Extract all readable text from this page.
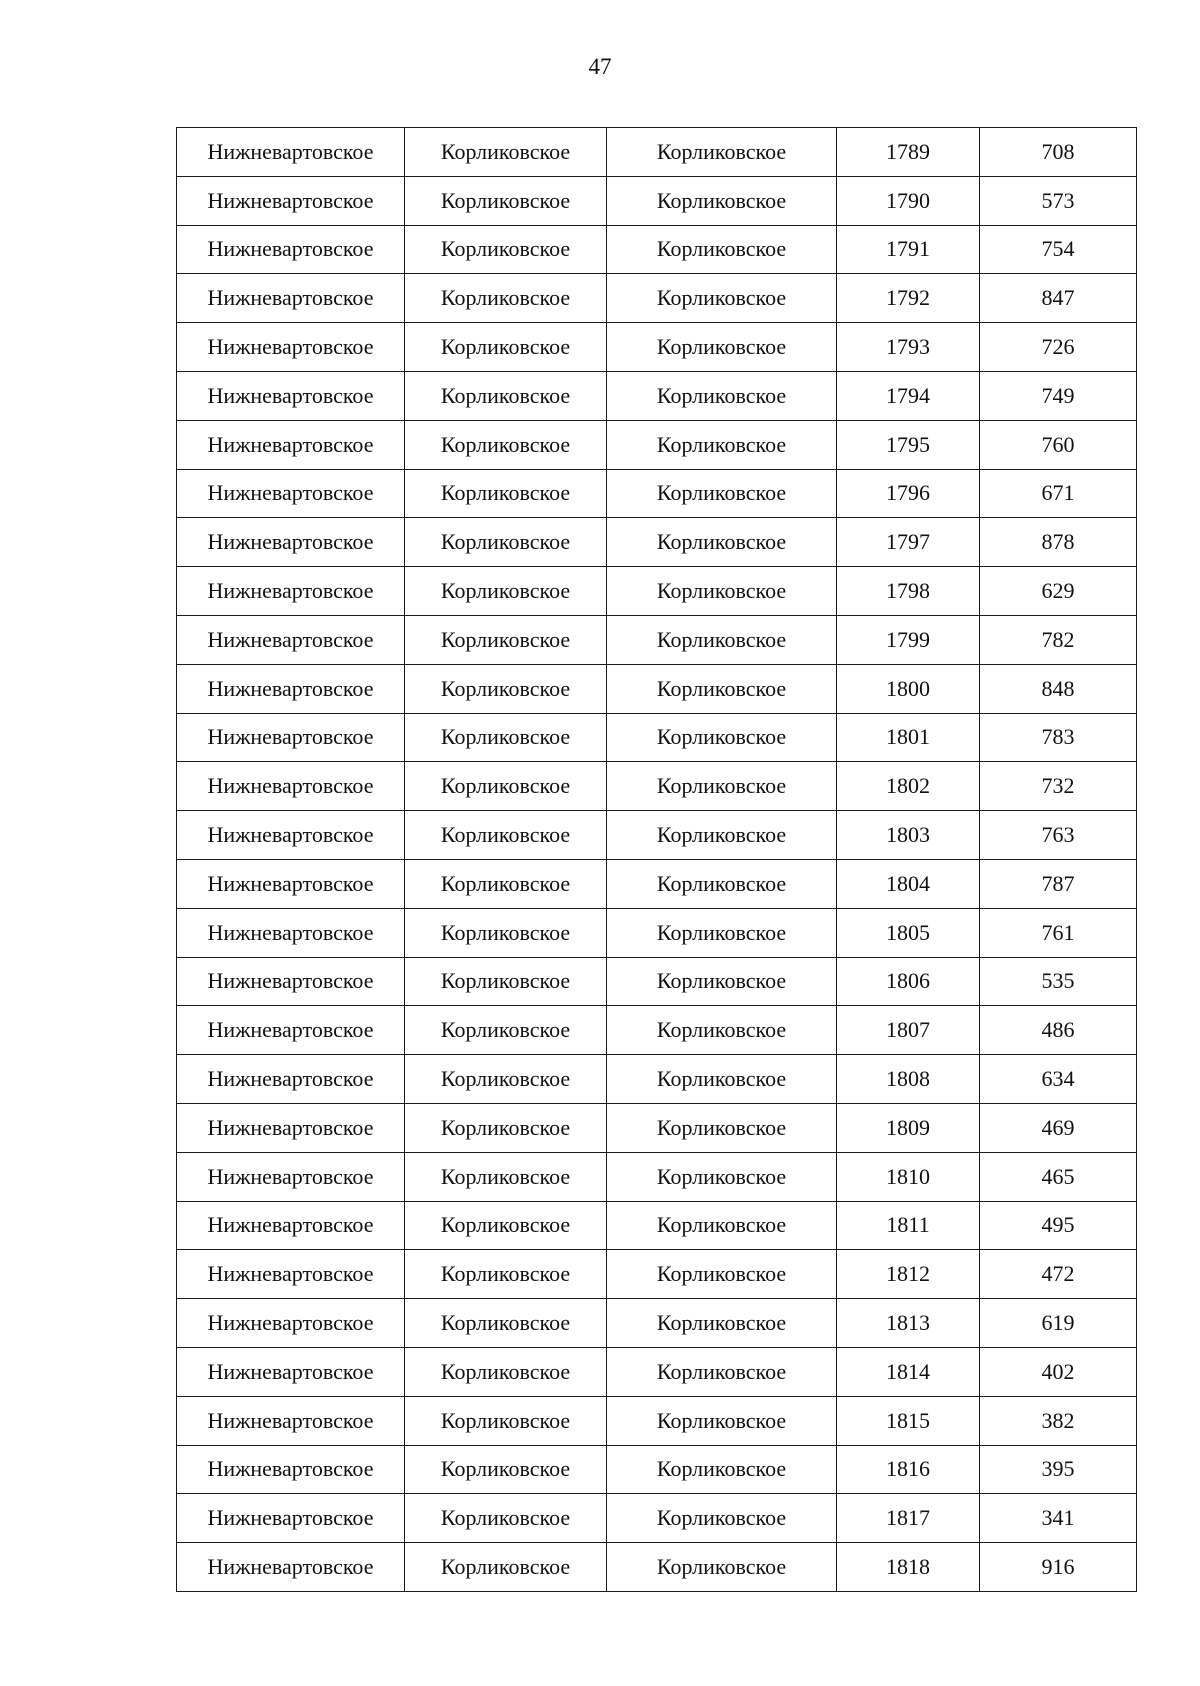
47
Нижневартовское	Корликовское	Корликовское	1789	708
Нижневартовское	Корликовское	Корликовское	1790	573
Нижневартовское	Корликовское	Корликовское	1791	754
Нижневартовское	Корликовское	Корликовское	1792	847
Нижневартовское	Корликовское	Корликовское	1793	726
Нижневартовское	Корликовское	Корликовское	1794	749
Нижневартовское	Корликовское	Корликовское	1795	760
Нижневартовское	Корликовское	Корликовское	1796	671
Нижневартовское	Корликовское	Корликовское	1797	878
Нижневартовское	Корликовское	Корликовское	1798	629
Нижневартовское	Корликовское	Корликовское	1799	782
Нижневартовское	Корликовское	Корликовское	1800	848
Нижневартовское	Корликовское	Корликовское	1801	783
Нижневартовское	Корликовское	Корликовское	1802	732
Нижневартовское	Корликовское	Корликовское	1803	763
Нижневартовское	Корликовское	Корликовское	1804	787
Нижневартовское	Корликовское	Корликовское	1805	761
Нижневартовское	Корликовское	Корликовское	1806	535
Нижневартовское	Корликовское	Корликовское	1807	486
Нижневартовское	Корликовское	Корликовское	1808	634
Нижневартовское	Корликовское	Корликовское	1809	469
Нижневартовское	Корликовское	Корликовское	1810	465
Нижневартовское	Корликовское	Корликовское	1811	495
Нижневартовское	Корликовское	Корликовское	1812	472
Нижневартовское	Корликовское	Корликовское	1813	619
Нижневартовское	Корликовское	Корликовское	1814	402
Нижневартовское	Корликовское	Корликовское	1815	382
Нижневартовское	Корликовское	Корликовское	1816	395
Нижневартовское	Корликовское	Корликовское	1817	341
Нижневартовское	Корликовское	Корликовское	1818	916
